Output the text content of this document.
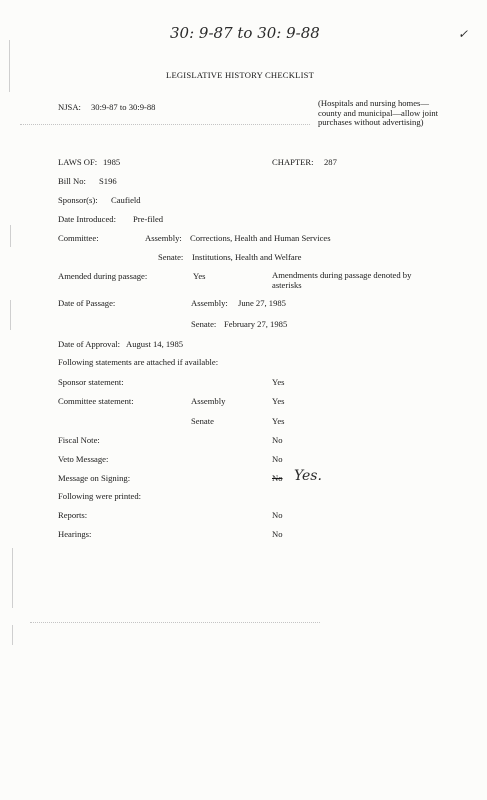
30: 9-87 to 30: 9-88	✓
LEGISLATIVE HISTORY CHECKLIST
NJSA: 30:9-87 to 30:9-88	(Hospitals and nursing homes—county and municipal—allow joint purchases without advertising)
LAWS OF: 1985	CHAPTER: 287
Bill No: S196
Sponsor(s): Caufield
Date Introduced: Pre-filed
Committee:	Assembly: Corrections, Health and Human Services
Senate: Institutions, Health and Welfare
Amended during passage:	Yes	Amendments during passage denoted by asterisks
Date of Passage:	Assembly: June 27, 1985
Senate: February 27, 1985
Date of Approval: August 14, 1985
Following statements are attached if available:
Sponsor statement:	Yes
Committee statement:	Assembly	Yes
Senate	Yes
Fiscal Note:	No
Veto Message:	No
Message on Signing:	No Yes.
Following were printed:
Reports:	No
Hearings:	No
